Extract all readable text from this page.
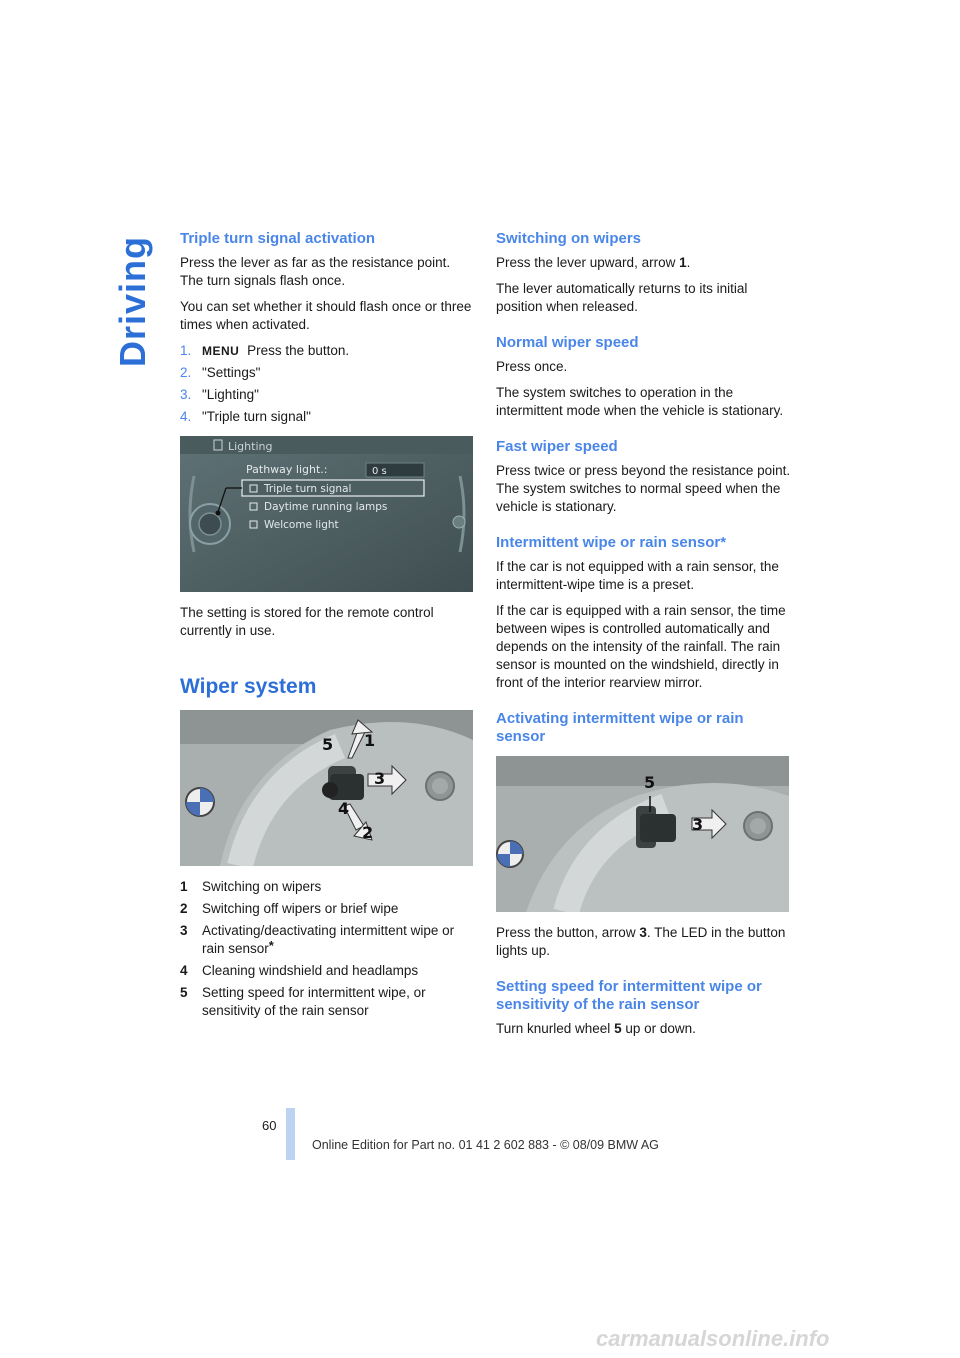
Driving Triple turn signal activation

Press the lever as far as the resistance point. The turn signals flash once.

You can set whether it should flash once or three times when activated.

1. MENU Press the button.
2. "Settings"
3. "Lighting"
4. "Triple turn signal"
Lighting
Pathway light.:	0 s
Triple turn signal
Daytime running lamps
Welcome light

The setting is stored for the remote control currently in use.

Wiper system
5 1
3
4
2
1	Switching on wipers
2	Switching off wipers or brief wipe
3	Activating/deactivating intermittent wipe or rain sensor*
4	Cleaning windshield and headlamps
5	Setting speed for intermittent wipe, or sensitivity of the rain sensor
Switching on wipers

Press the lever upward, arrow 1.

The lever automatically returns to its initial position when released.

Normal wiper speed

Press once.

The system switches to operation in the intermittent mode when the vehicle is stationary.

Fast wiper speed

Press twice or press beyond the resistance point.

The system switches to normal speed when the vehicle is stationary.

Intermittent wipe or rain sensor*

If the car is not equipped with a rain sensor, the intermittent-wipe time is a preset.

If the car is equipped with a rain sensor, the time between wipes is controlled automatically and depends on the intensity of the rainfall. The rain sensor is mounted on the windshield, directly in front of the interior rearview mirror.

Activating intermittent wipe or rain sensor
5
3

Press the button, arrow 3. The LED in the button lights up.

Setting speed for intermittent wipe or sensitivity of the rain sensor

Turn knurled wheel 5 up or down.

60
Online Edition for Part no. 01 41 2 602 883 - © 08/09 BMW AG
carmanualsonline.info
